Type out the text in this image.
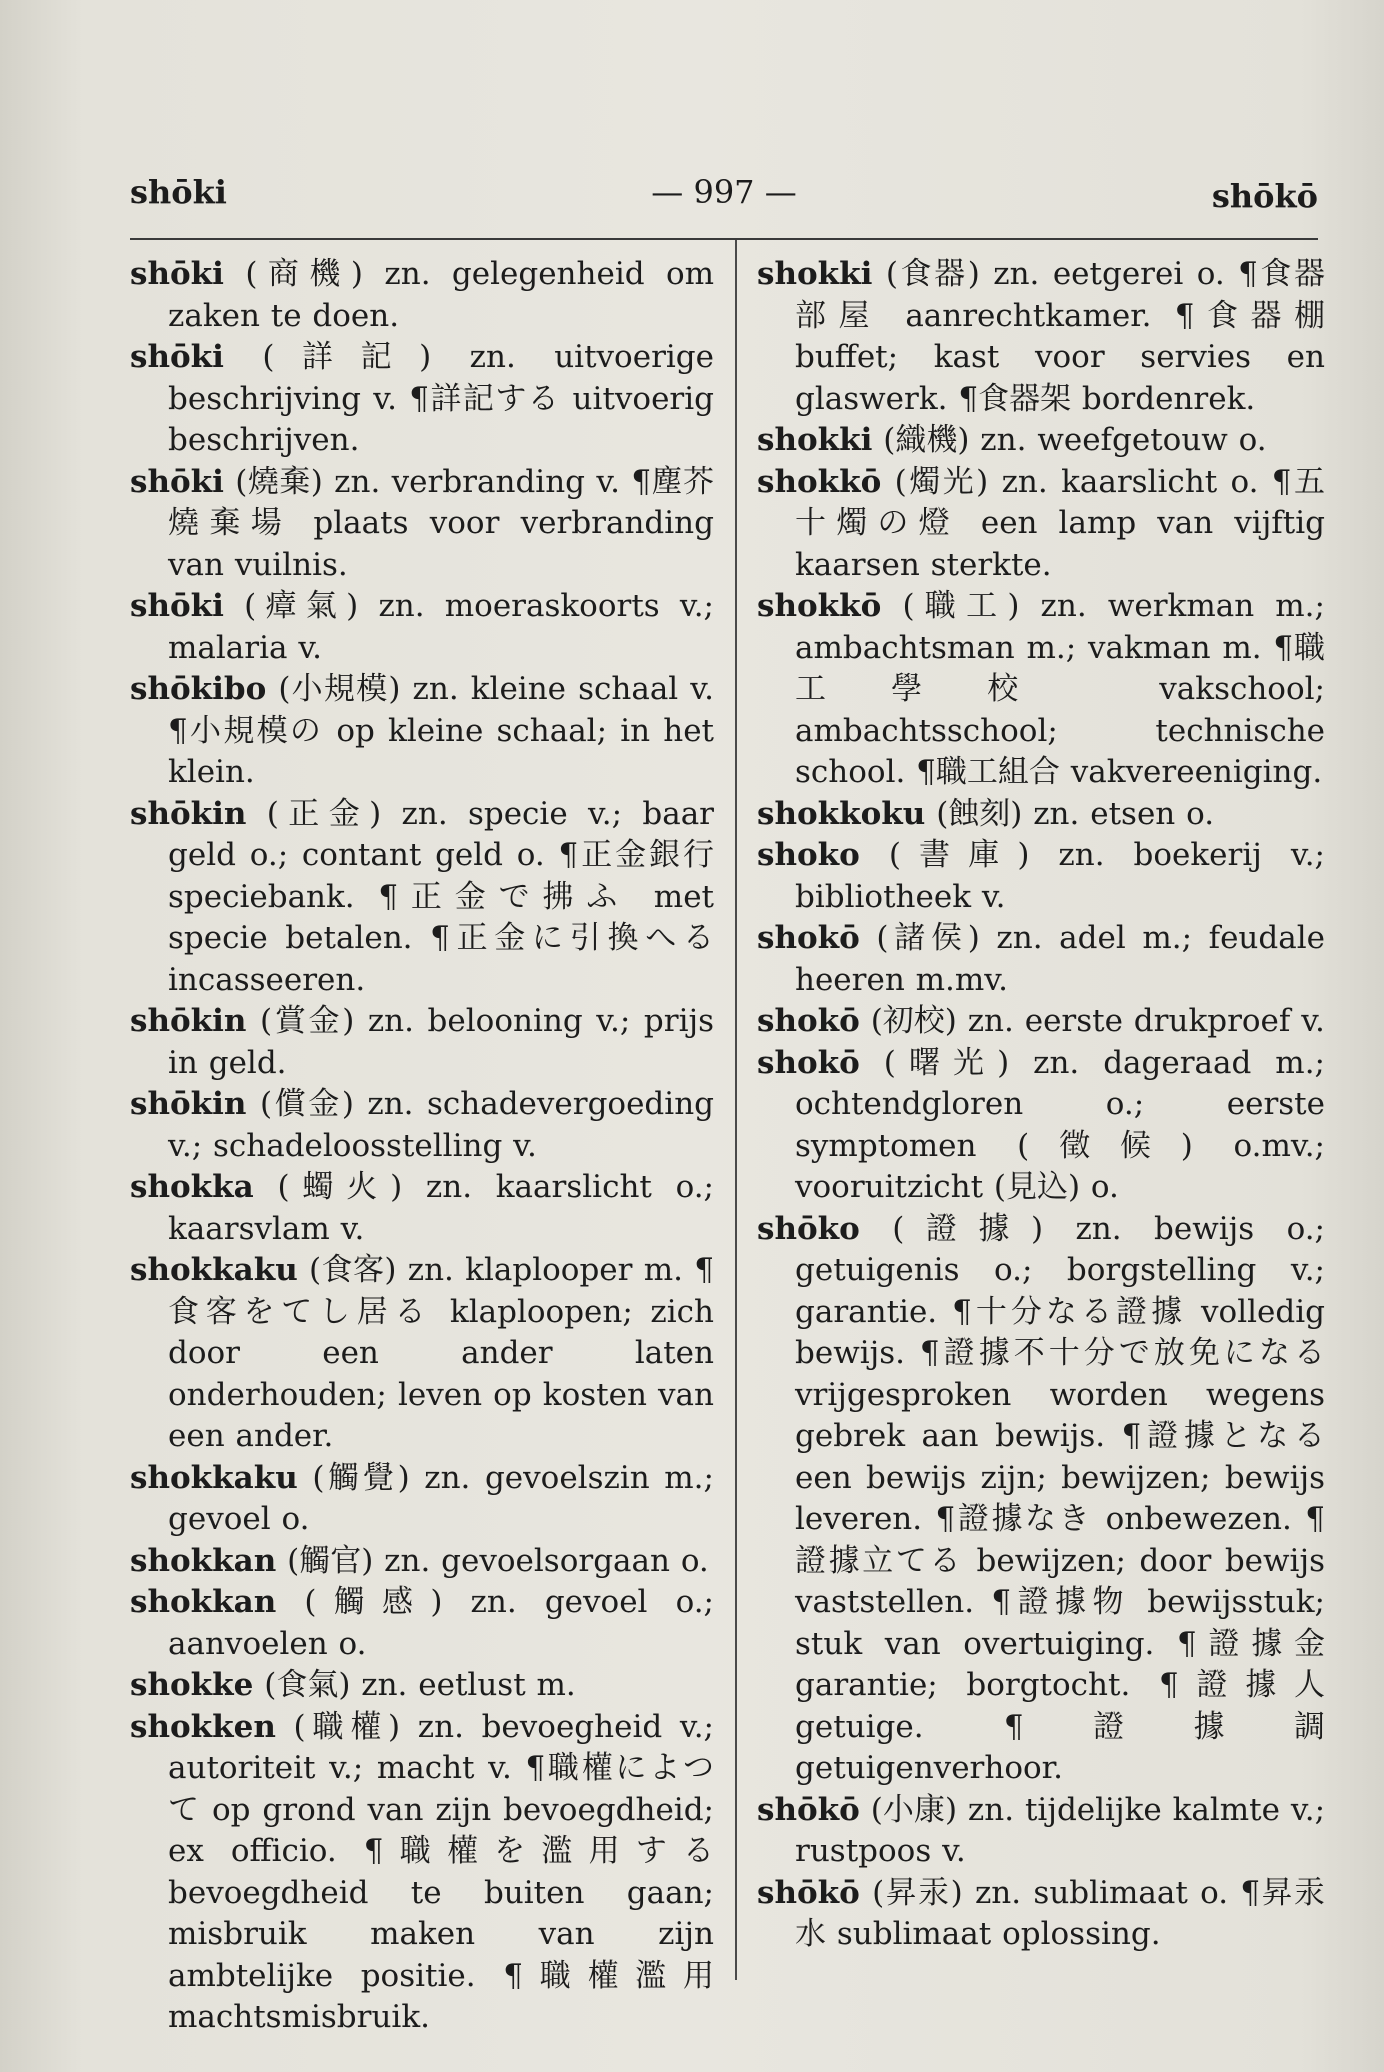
shōki	— 997 —	shōkō

shōki (商機) zn. gelegenheid om zaken te doen.

shōki (詳記) zn. uitvoerige beschrijving v. ¶詳記する uitvoerig beschrijven.

shōki (燒棄) zn. verbranding v. ¶塵芥燒棄場 plaats voor verbranding van vuilnis.

shōki (瘴氣) zn. moeraskoorts v.; malaria v.

shōkibo (小規模) zn. kleine schaal v. ¶小規模の op kleine schaal; in het klein.

shōkin (正金) zn. specie v.; baar geld o.; contant geld o. ¶正金銀行 speciebank. ¶正金で拂ふ met specie betalen. ¶正金に引換へる incasseeren.

shōkin (賞金) zn. belooning v.; prijs in geld.

shōkin (償金) zn. schadevergoeding v.; schadeloosstelling v.

shokka (蠋火) zn. kaarslicht o.; kaarsvlam v.

shokkaku (食客) zn. klaplooper m. ¶食客をてし居る klaploopen; zich door een ander laten onderhouden; leven op kosten van een ander.

shokkaku (觸覺) zn. gevoelszin m.; gevoel o.

shokkan (觸官) zn. gevoelsorgaan o.

shokkan (觸感) zn. gevoel o.; aanvoelen o.

shokke (食氣) zn. eetlust m.

shokken (職權) zn. bevoegheid v.; autoriteit v.; macht v. ¶職權によつて op grond van zijn bevoegdheid; ex officio. ¶職權を濫用する bevoegdheid te buiten gaan; misbruik maken van zijn ambtelijke positie. ¶職權濫用 machtsmisbruik.

shokki (食器) zn. eetgerei o. ¶食器部屋 aanrechtkamer. ¶食器棚 buffet; kast voor servies en glaswerk. ¶食器架 bordenrek.

shokki (織機) zn. weefgetouw o.

shokkō (燭光) zn. kaarslicht o. ¶五十燭の燈 een lamp van vijftig kaarsen sterkte.

shokkō (職工) zn. werkman m.; ambachtsman m.; vakman m. ¶職工學校 vakschool; ambachtsschool; technische school. ¶職工組合 vakvereeniging.

shokkoku (蝕刻) zn. etsen o.

shoko (書庫) zn. boekerij v.; bibliotheek v.

shokō (諸侯) zn. adel m.; feudale heeren m.mv.

shokō (初校) zn. eerste drukproef v.

shokō (曙光) zn. dageraad m.; ochtendgloren o.; eerste symptomen (徵候) o.mv.; vooruitzicht (見込) o.

shōko (證據) zn. bewijs o.; getuigenis o.; borgstelling v.; garantie. ¶十分なる證據 volledig bewijs. ¶證據不十分で放免になる vrijgesproken worden wegens gebrek aan bewijs. ¶證據となる een bewijs zijn; bewijzen; bewijs leveren. ¶證據なき onbewezen. ¶證據立てる bewijzen; door bewijs vaststellen. ¶證據物 bewijsstuk; stuk van overtuiging. ¶證據金 garantie; borgtocht. ¶證據人 getuige. ¶證據調 getuigenverhoor.

shōkō (小康) zn. tijdelijke kalmte v.; rustpoos v.

shōkō (昇汞) zn. sublimaat o. ¶昇汞水 sublimaat oplossing.
